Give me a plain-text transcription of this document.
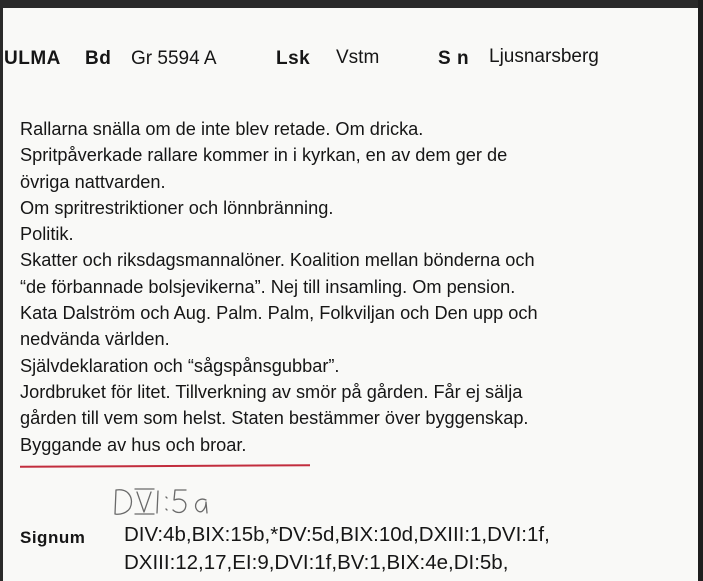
ULMA Bd Gr 5594 A	Lsk Vstm	S n Ljusnarsberg
Rallarna snälla om de inte blev retade. Om dricka.
Spritpåverkade rallare kommer in i kyrkan, en av dem ger de
övriga nattvarden.
Om spritrestriktioner och lönnbränning.
Politik.
Skatter och riksdagsmannalöner. Koalition mellan bönderna och
“de förbannade bolsjevikerna”. Nej till insamling. Om pension.
Kata Dalström och Aug. Palm. Palm, Folkviljan och Den upp och
nedvända världen.
Självdeklaration och “sågspånsgubbar”.
Jordbruket för litet. Tillverkning av smör på gården. Får ej sälja
gården till vem som helst. Staten bestämmer över byggenskap.
Byggande av hus och broar.
Signum DIV:4b,BIX:15b,*DV:5d,BIX:10d,DXIII:1,DVI:1f,
DXIII:12,17,EI:9,DVI:1f,BV:1,BIX:4e,DI:5b,
